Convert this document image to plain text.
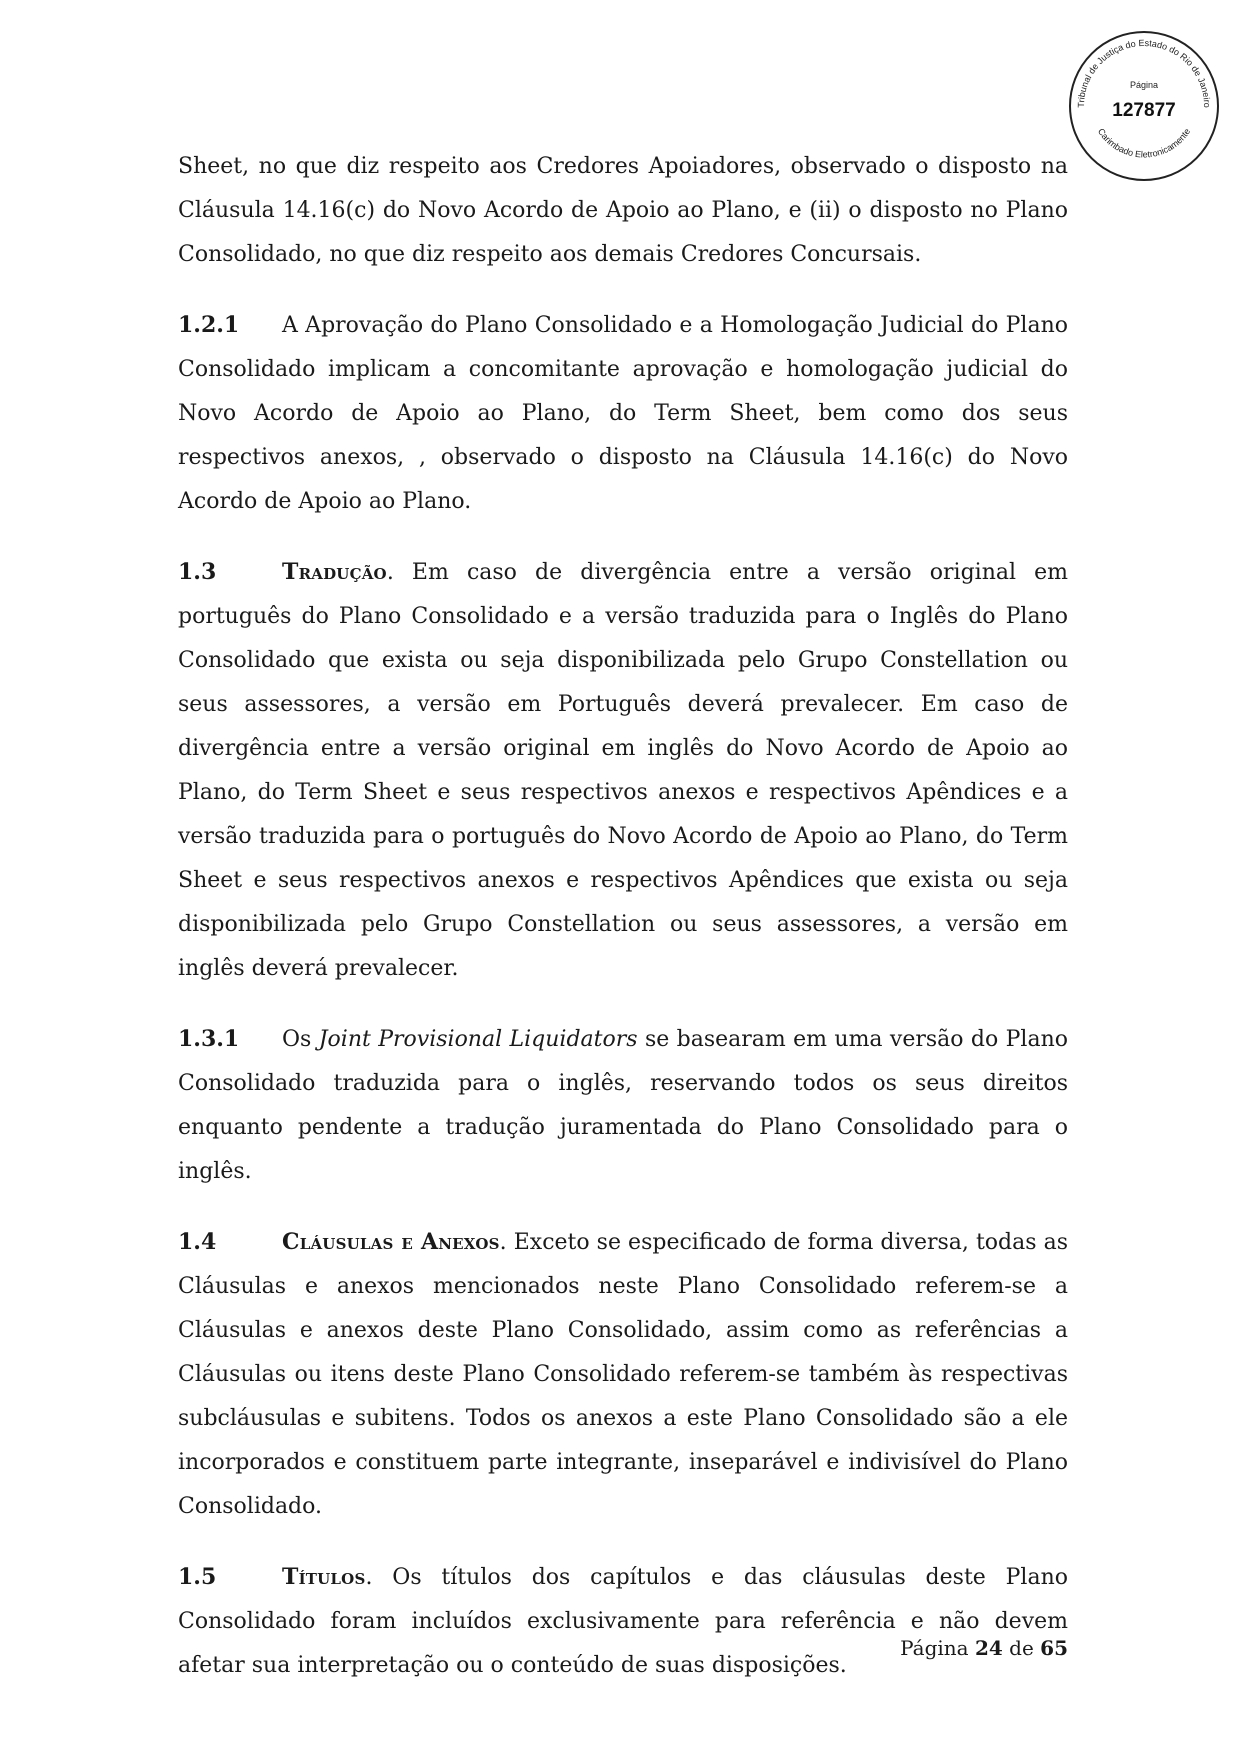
Tribunal de Justiça do Estado do Rio de Janeiro
Carimbado Eletronicamente
Página
127877

Sheet, no que diz respeito aos Credores Apoiadores, observado o disposto na Cláusula 14.16(c) do Novo Acordo de Apoio ao Plano, e (ii) o disposto no Plano Consolidado, no que diz respeito aos demais Credores Concursais.

1.2.1 A Aprovação do Plano Consolidado e a Homologação Judicial do Plano Consolidado implicam a concomitante aprovação e homologação judicial do Novo Acordo de Apoio ao Plano, do Term Sheet, bem como dos seus respectivos anexos, , observado o disposto na Cláusula 14.16(c) do Novo Acordo de Apoio ao Plano.

1.3	Tradução. Em caso de divergência entre a versão original em português do Plano Consolidado e a versão traduzida para o Inglês do Plano Consolidado que exista ou seja disponibilizada pelo Grupo Constellation ou seus assessores, a versão em Português deverá prevalecer. Em caso de divergência entre a versão original em inglês do Novo Acordo de Apoio ao Plano, do Term Sheet e seus respectivos anexos e respectivos Apêndices e a versão traduzida para o português do Novo Acordo de Apoio ao Plano, do Term Sheet e seus respectivos anexos e respectivos Apêndices que exista ou seja disponibilizada pelo Grupo Constellation ou seus assessores, a versão em inglês deverá prevalecer.

1.3.1 Os Joint Provisional Liquidators se basearam em uma versão do Plano Consolidado traduzida para o inglês, reservando todos os seus direitos enquanto pendente a tradução juramentada do Plano Consolidado para o inglês.

1.4	Cláusulas e Anexos. Exceto se especificado de forma diversa, todas as Cláusulas e anexos mencionados neste Plano Consolidado referem-se a Cláusulas e anexos deste Plano Consolidado, assim como as referências a Cláusulas ou itens deste Plano Consolidado referem-se também às respectivas subcláusulas e subitens. Todos os anexos a este Plano Consolidado são a ele incorporados e constituem parte integrante, inseparável e indivisível do Plano Consolidado.

1.5	Títulos. Os títulos dos capítulos e das cláusulas deste Plano Consolidado foram incluídos exclusivamente para referência e não devem afetar sua interpretação ou o conteúdo de suas disposições.

Página 24 de 65
